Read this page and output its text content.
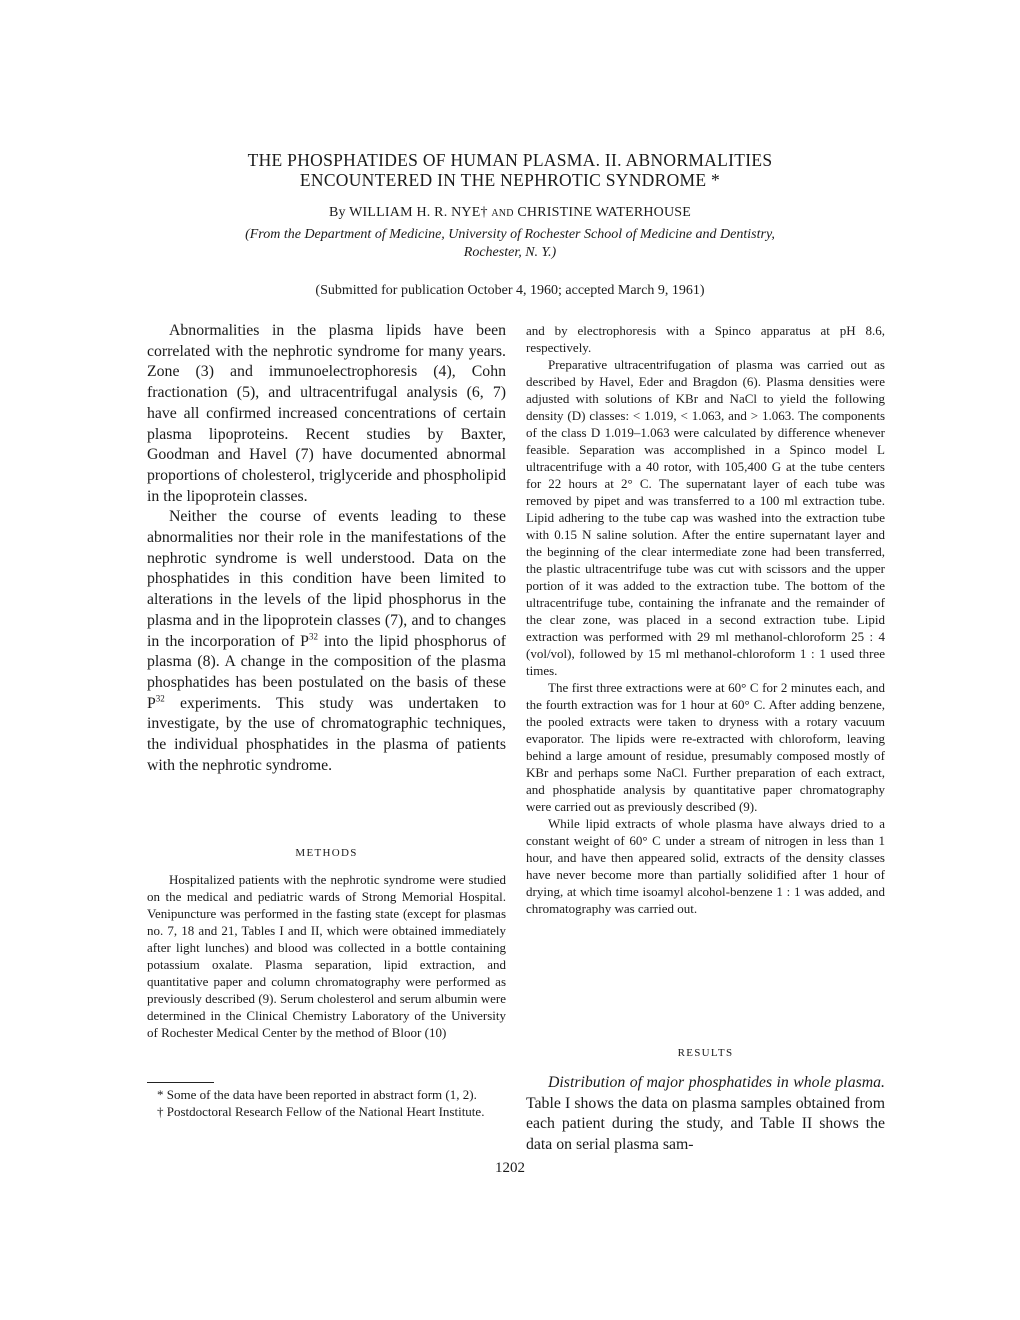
THE PHOSPHATIDES OF HUMAN PLASMA. II. ABNORMALITIES
ENCOUNTERED IN THE NEPHROTIC SYNDROME *
By WILLIAM H. R. NYE† AND CHRISTINE WATERHOUSE
(From the Department of Medicine, University of Rochester School of Medicine and Dentistry,
Rochester, N. Y.)
(Submitted for publication October 4, 1960; accepted March 9, 1961)

Abnormalities in the plasma lipids have been correlated with the nephrotic syndrome for many years. Zone (3) and immunoelectrophoresis (4), Cohn fractionation (5), and ultracentrifugal analysis (6, 7) have all confirmed increased concentrations of certain plasma lipoproteins. Recent studies by Baxter, Goodman and Havel (7) have documented abnormal proportions of cholesterol, triglyceride and phospholipid in the lipoprotein classes.

Neither the course of events leading to these abnormalities nor their role in the manifestations of the nephrotic syndrome is well understood. Data on the phosphatides in this condition have been limited to alterations in the levels of the lipid phosphorus in the plasma and in the lipoprotein classes (7), and to changes in the incorporation of $P^{32}$ into the lipid phosphorus of plasma (8). A change in the composition of the plasma phosphatides has been postulated on the basis of these $P^{32}$ experiments. This study was undertaken to investigate, by the use of chromatographic techniques, the individual phosphatides in the plasma of patients with the nephrotic syndrome.

METHODS

Hospitalized patients with the nephrotic syndrome were studied on the medical and pediatric wards of Strong Memorial Hospital. Venipuncture was performed in the fasting state (except for plasmas no. 7, 18 and 21, Tables I and II, which were obtained immediately after light lunches) and blood was collected in a bottle containing potassium oxalate. Plasma separation, lipid extraction, and quantitative paper and column chromatography were performed as previously described (9). Serum cholesterol and serum albumin were determined in the Clinical Chemistry Laboratory of the University of Rochester Medical Center by the method of Bloor (10)

* Some of the data have been reported in abstract form (1, 2).

† Postdoctoral Research Fellow of the National Heart Institute.

and by electrophoresis with a Spinco apparatus at pH 8.6, respectively.

Preparative ultracentrifugation of plasma was carried out as described by Havel, Eder and Bragdon (6). Plasma densities were adjusted with solutions of KBr and NaCl to yield the following density (D) classes: < 1.019, < 1.063, and > 1.063. The components of the class D 1.019–1.063 were calculated by difference whenever feasible. Separation was accomplished in a Spinco model L ultracentrifuge with a 40 rotor, with 105,400 G at the tube centers for 22 hours at 2° C. The supernatant layer of each tube was removed by pipet and was transferred to a 100 ml extraction tube. Lipid adhering to the tube cap was washed into the extraction tube with 0.15 N saline solution. After the entire supernatant layer and the beginning of the clear intermediate zone had been transferred, the plastic ultracentrifuge tube was cut with scissors and the upper portion of it was added to the extraction tube. The bottom of the ultracentrifuge tube, containing the infranate and the remainder of the clear zone, was placed in a second extraction tube. Lipid extraction was performed with 29 ml methanol-chloroform 25 : 4 (vol/vol), followed by 15 ml methanol-chloroform 1 : 1 used three times.

The first three extractions were at 60° C for 2 minutes each, and the fourth extraction was for 1 hour at 60° C. After adding benzene, the pooled extracts were taken to dryness with a rotary vacuum evaporator. The lipids were re-extracted with chloroform, leaving behind a large amount of residue, presumably composed mostly of KBr and perhaps some NaCl. Further preparation of each extract, and phosphatide analysis by quantitative paper chromatography were carried out as previously described (9).

While lipid extracts of whole plasma have always dried to a constant weight of 60° C under a stream of nitrogen in less than 1 hour, and have then appeared solid, extracts of the density classes have never become more than partially solidified after 1 hour of drying, at which time isoamyl alcohol-benzene 1 : 1 was added, and chromatography was carried out.

RESULTS

Distribution of major phosphatides in whole plasma. Table I shows the data on plasma samples obtained from each patient during the study, and Table II shows the data on serial plasma sam-

1202
